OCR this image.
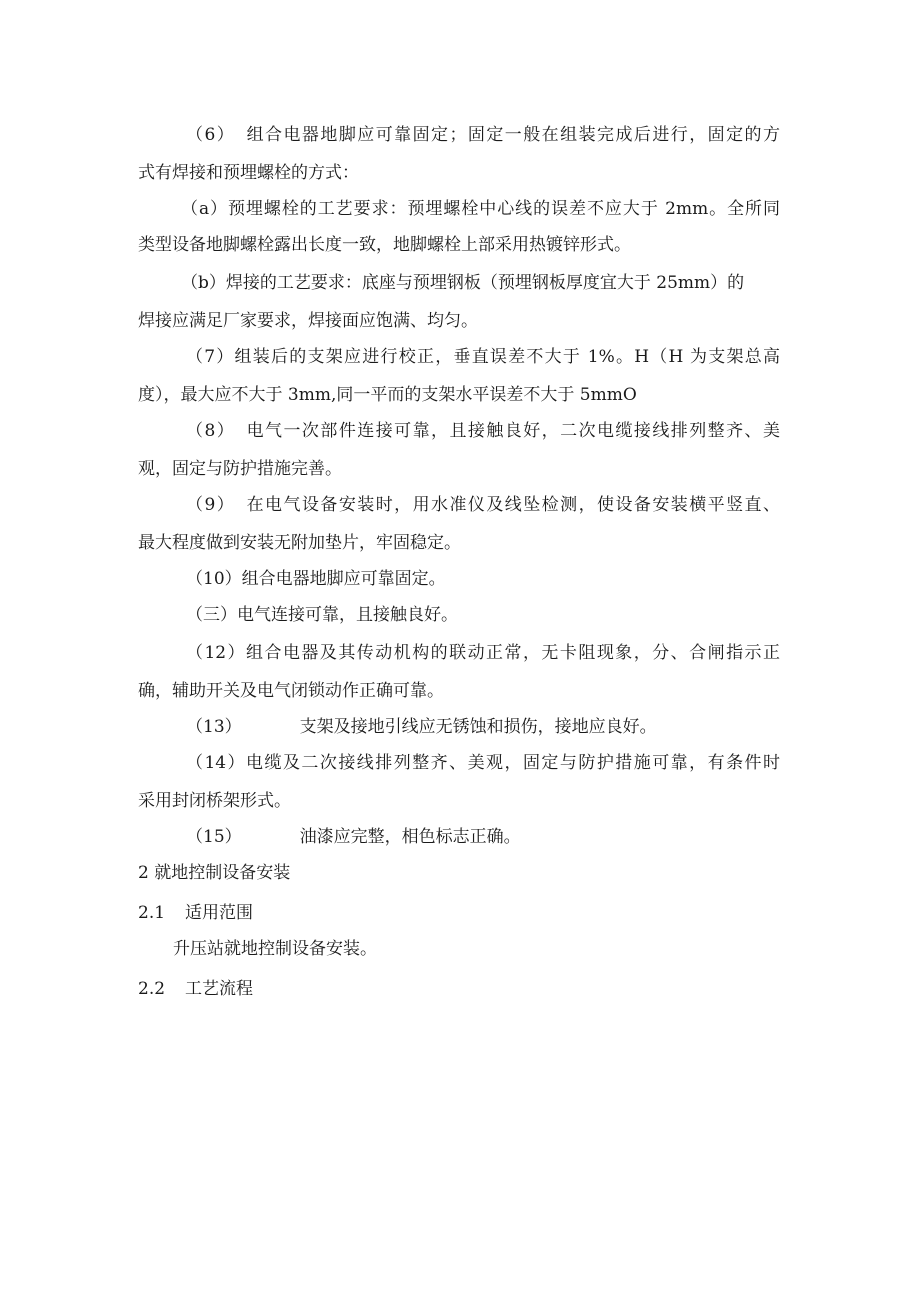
（6） 组合电器地脚应可靠固定；固定一般在组装完成后进行，固定的方
式有焊接和预埋螺栓的方式：
（a）预埋螺栓的工艺要求：预埋螺栓中心线的误差不应大于 2mm。全所同
类型设备地脚螺栓露出长度一致，地脚螺栓上部采用热镀锌形式。
（b）焊接的工艺要求：底座与预埋钢板（预埋钢板厚度宜大于 25mm）的
焊接应满足厂家要求，焊接面应饱满、均匀。
（7）组装后的支架应进行校正，垂直误差不大于 1%。H（H 为支架总高
度），最大应不大于 3mm,同一平而的支架水平误差不大于 5mmO
（8） 电气一次部件连接可靠，且接触良好，二次电缆接线排列整齐、美
观，固定与防护措施完善。
（9） 在电气设备安装时，用水准仪及线坠检测，使设备安装横平竖直、
最大程度做到安装无附加垫片，牢固稳定。
（10）组合电器地脚应可靠固定。
（三）电气连接可靠，且接触良好。
（12）组合电器及其传动机构的联动正常，无卡阻现象，分、合闸指示正
确，辅助开关及电气闭锁动作正确可靠。
（13）	支架及接地引线应无锈蚀和损伤，接地应良好。
（14）电缆及二次接线排列整齐、美观，固定与防护措施可靠，有条件时
采用封闭桥架形式。
（15）	油漆应完整，相色标志正确。
2 就地控制设备安装
2.1 适用范围
升压站就地控制设备安装。
2.2 工艺流程
